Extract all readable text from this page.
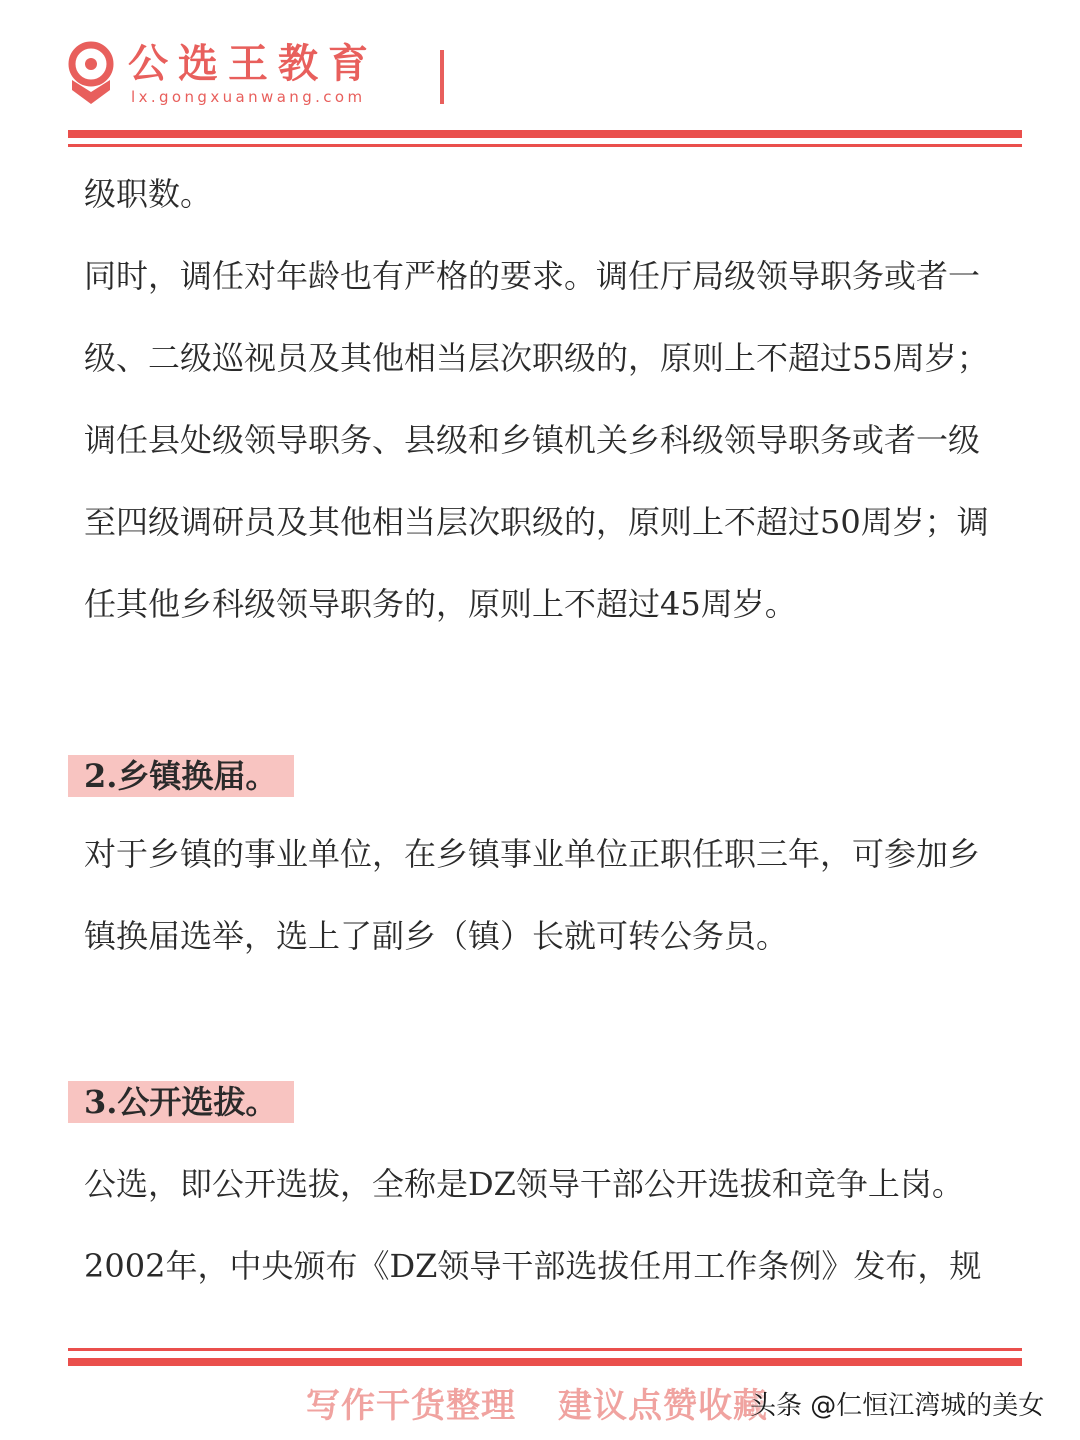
公选王教育
lx.gongxuanwang.com

级职数。

同时，调任对年龄也有严格的要求。调任厅局级领导职务或者一

级、二级巡视员及其他相当层次职级的，原则上不超过55周岁；

调任县处级领导职务、县级和乡镇机关乡科级领导职务或者一级

至四级调研员及其他相当层次职级的，原则上不超过50周岁；调

任其他乡科级领导职务的，原则上不超过45周岁。

2.乡镇换届。

对于乡镇的事业单位，在乡镇事业单位正职任职三年，可参加乡

镇换届选举，选上了副乡（镇）长就可转公务员。

3.公开选拔。

公选，即公开选拔，全称是DZ领导干部公开选拔和竞争上岗。

2002年，中央颁布《DZ领导干部选拔任用工作条例》发布，规

写作干货整理 建议点赞收藏
头条 @仁恒江湾城的美女
